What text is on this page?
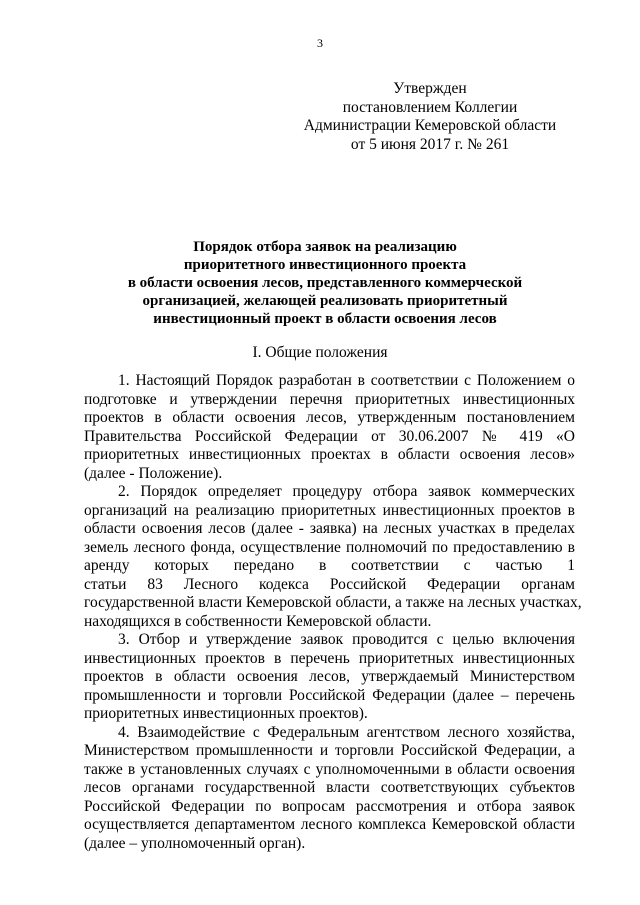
3
Утвержден
постановлением Коллегии
Администрации Кемеровской области
от 5 июня 2017 г. № 261
Порядок отбора заявок на реализацию
приоритетного инвестиционного проекта
в области освоения лесов, представленного коммерческой
организацией, желающей реализовать приоритетный
инвестиционный проект в области освоения лесов
I. Общие положения

1. Настоящий Порядок разработан в соответствии с Положением о
подготовке и утверждении перечня приоритетных инвестиционных
проектов в области освоения лесов, утвержденным постановлением
Правительства Российской Федерации от 30.06.2007 № 419 «О
приоритетных инвестиционных проектах в области освоения лесов»
(далее - Положение).

2. Порядок определяет процедуру отбора заявок коммерческих
организаций на реализацию приоритетных инвестиционных проектов в
области освоения лесов (далее - заявка) на лесных участках в пределах
земель лесного фонда, осуществление полномочий по предоставлению в
аренду которых передано в соответствии с частью 1
статьи 83 Лесного кодекса Российской Федерации органам
государственной власти Кемеровской области, а также на лесных участках,
находящихся в собственности Кемеровской области.

3. Отбор и утверждение заявок проводится с целью включения
инвестиционных проектов в перечень приоритетных инвестиционных
проектов в области освоения лесов, утверждаемый Министерством
промышленности и торговли Российской Федерации (далее – перечень
приоритетных инвестиционных проектов).

4. Взаимодействие с Федеральным агентством лесного хозяйства,
Министерством промышленности и торговли Российской Федерации, а
также в установленных случаях с уполномоченными в области освоения
лесов органами государственной власти соответствующих субъектов
Российской Федерации по вопросам рассмотрения и отбора заявок
осуществляется департаментом лесного комплекса Кемеровской области
(далее – уполномоченный орган).
